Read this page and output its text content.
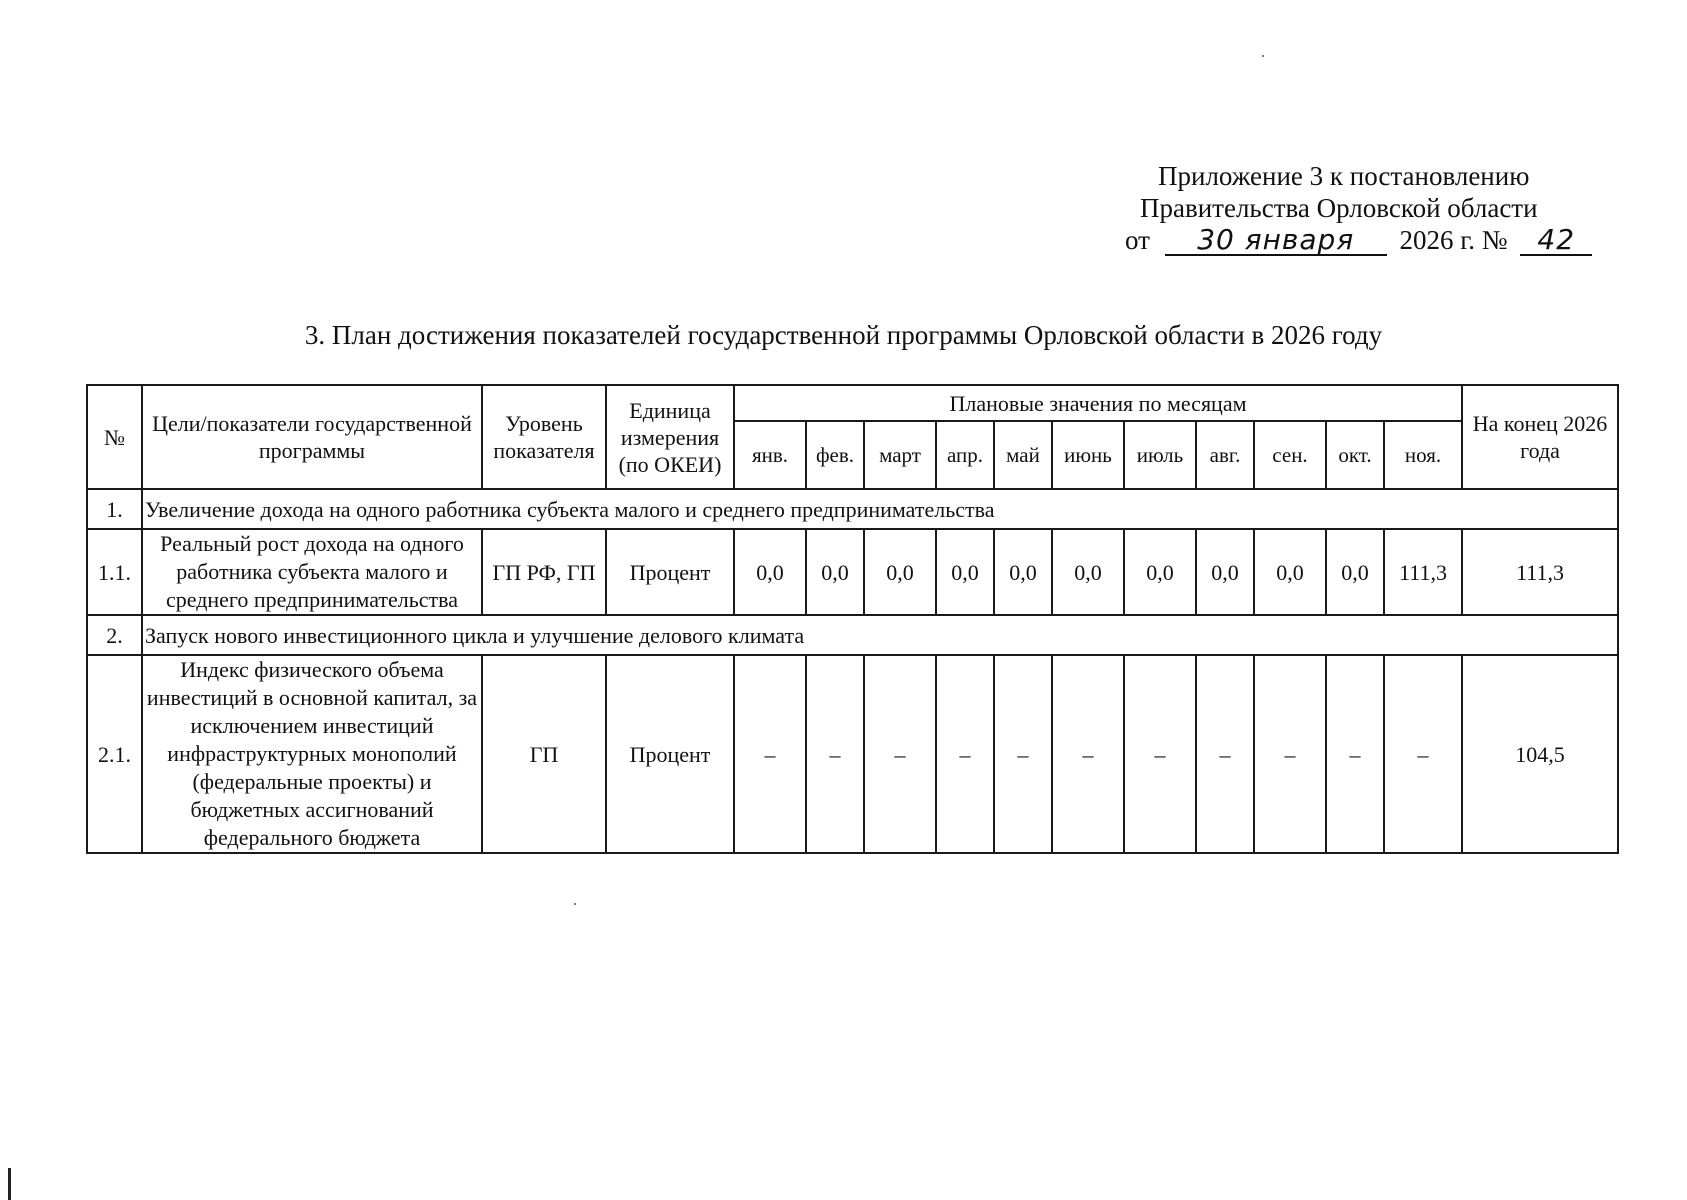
Приложение 3 к постановлению
Правительства Орловской области
от 30 января 2026 г. № 42
3. План достижения показателей государственной программы Орловской области в 2026 году
№	Цели/показатели государственной программы	Уровень показателя	Единица измерения (по ОКЕИ)	Плановые значения по месяцам											На конец 2026 года
				янв.	фев.	март	апр.	май	июнь	июль	авг.	сен.	окт.	ноя.	
1.	Увеличение дохода на одного работника субъекта малого и среднего предпринимательства														
1.1.	Реальный рост дохода на одного работника субъекта малого и среднего предпринимательства	ГП РФ, ГП	Процент	0,0	0,0	0,0	0,0	0,0	0,0	0,0	0,0	0,0	0,0	111,3	111,3
2.	Запуск нового инвестиционного цикла и улучшение делового климата														
2.1.	Индекс физического объема инвестиций в основной капитал, за исключением инвестиций инфраструктурных монополий (федеральные проекты) и бюджетных ассигнований федерального бюджета	ГП	Процент	–	–	–	–	–	–	–	–	–	–	–	104,5
